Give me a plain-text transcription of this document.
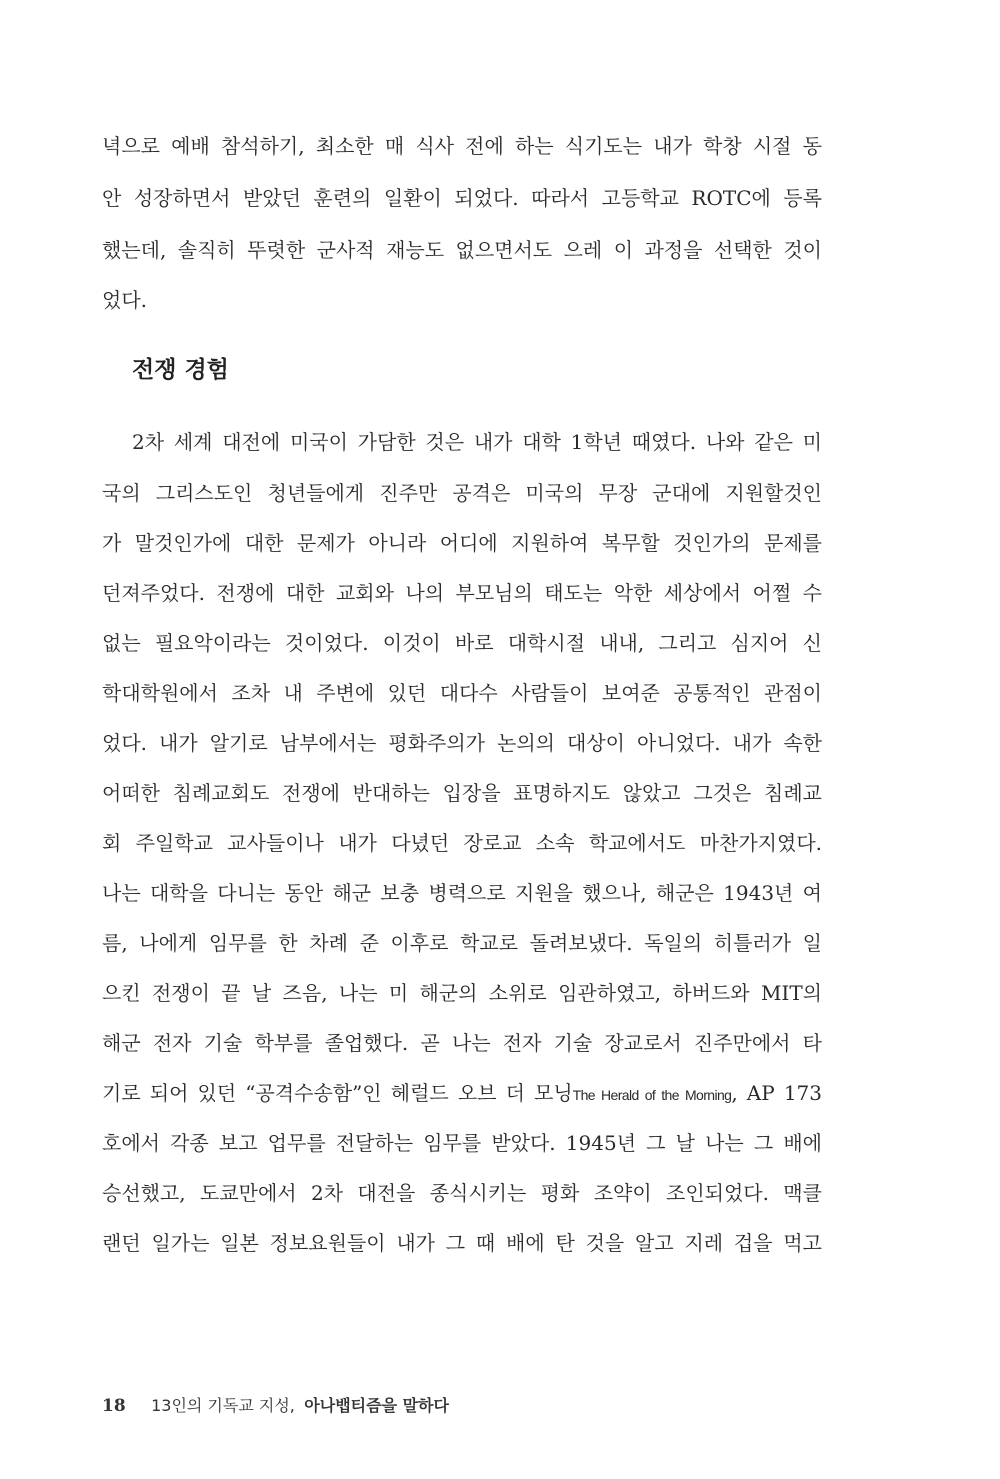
녁으로 예배 참석하기, 최소한 매 식사 전에 하는 식기도는 내가 학창 시절 동
안 성장하면서 받았던 훈련의 일환이 되었다. 따라서 고등학교 ROTC에 등록
했는데, 솔직히 뚜렷한 군사적 재능도 없으면서도 으레 이 과정을 선택한 것이
었다.
전쟁 경험
2차 세계 대전에 미국이 가담한 것은 내가 대학 1학년 때였다. 나와 같은 미
국의 그리스도인 청년들에게 진주만 공격은 미국의 무장 군대에 지원할것인
가 말것인가에 대한 문제가 아니라 어디에 지원하여 복무할 것인가의 문제를
던져주었다. 전쟁에 대한 교회와 나의 부모님의 태도는 악한 세상에서 어쩔 수
없는 필요악이라는 것이었다. 이것이 바로 대학시절 내내, 그리고 심지어 신
학대학원에서 조차 내 주변에 있던 대다수 사람들이 보여준 공통적인 관점이
었다. 내가 알기로 남부에서는 평화주의가 논의의 대상이 아니었다. 내가 속한
어떠한 침례교회도 전쟁에 반대하는 입장을 표명하지도 않았고 그것은 침례교
회 주일학교 교사들이나 내가 다녔던 장로교 소속 학교에서도 마찬가지였다.
나는 대학을 다니는 동안 해군 보충 병력으로 지원을 했으나, 해군은 1943년 여
름, 나에게 임무를 한 차례 준 이후로 학교로 돌려보냈다. 독일의 히틀러가 일
으킨 전쟁이 끝 날 즈음, 나는 미 해군의 소위로 임관하였고, 하버드와 MIT의
해군 전자 기술 학부를 졸업했다. 곧 나는 전자 기술 장교로서 진주만에서 타
기로 되어 있던 “공격수송함”인 헤럴드 오브 더 모닝The Herald of the Morning, AP 173
호에서 각종 보고 업무를 전달하는 임무를 받았다. 1945년 그 날 나는 그 배에
승선했고, 도쿄만에서 2차 대전을 종식시키는 평화 조약이 조인되었다. 맥클
랜던 일가는 일본 정보요원들이 내가 그 때 배에 탄 것을 알고 지레 겁을 먹고
18 13인의 기독교 지성, 아나뱁티즘을 말하다
